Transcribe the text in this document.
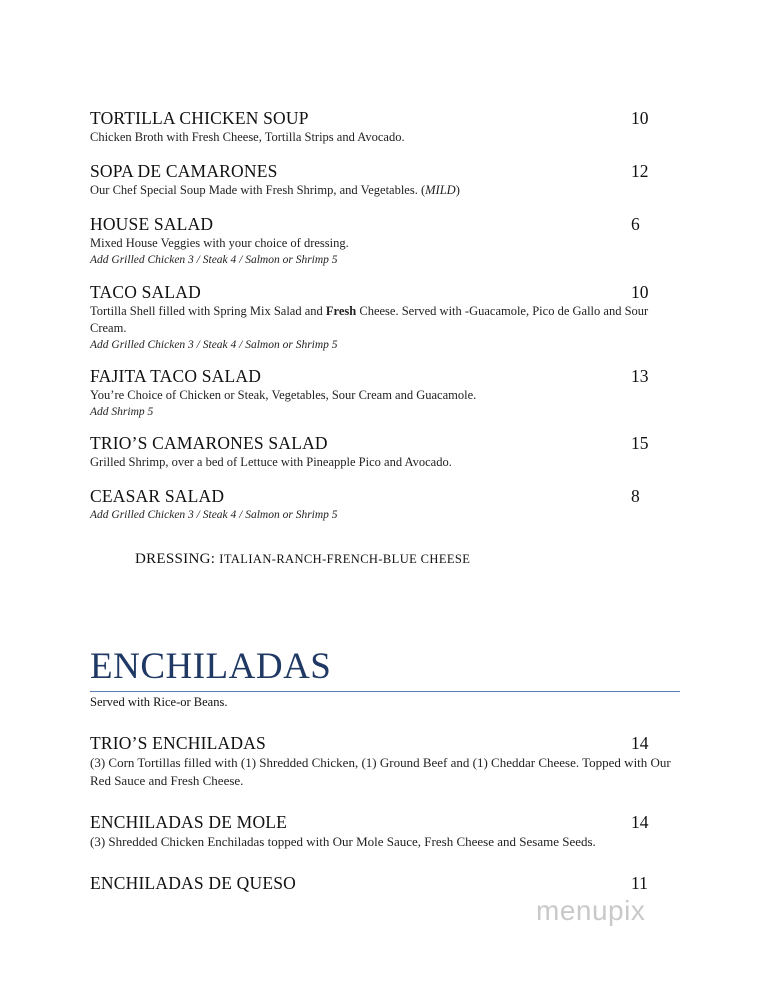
TORTILLA CHICKEN SOUP	10
Chicken Broth with Fresh Cheese, Tortilla Strips and Avocado.
SOPA DE CAMARONES	12
Our Chef Special Soup Made with Fresh Shrimp, and Vegetables. (MILD)
HOUSE SALAD	6
Mixed House Veggies with your choice of dressing.
Add Grilled Chicken 3 / Steak 4 / Salmon or Shrimp 5
TACO SALAD	10
Tortilla Shell filled with Spring Mix Salad and Fresh Cheese. Served with -Guacamole, Pico de Gallo and Sour Cream.
Add Grilled Chicken 3 / Steak 4 / Salmon or Shrimp 5
FAJITA TACO SALAD	13
You’re Choice of Chicken or Steak, Vegetables, Sour Cream and Guacamole.
Add Shrimp 5
TRIO’S CAMARONES SALAD	15
Grilled Shrimp, over a bed of Lettuce with Pineapple Pico and Avocado.
CEASAR SALAD	8
Add Grilled Chicken 3 / Steak 4 / Salmon or Shrimp 5
DRESSING: ITALIAN-RANCH-FRENCH-BLUE CHEESE
ENCHILADAS
Served with Rice-or Beans.
TRIO’S ENCHILADAS	14
(3) Corn Tortillas filled with (1) Shredded Chicken, (1) Ground Beef and (1) Cheddar Cheese. Topped with Our Red Sauce and Fresh Cheese.
ENCHILADAS DE MOLE	14
(3) Shredded Chicken Enchiladas topped with Our Mole Sauce, Fresh Cheese and Sesame Seeds.
ENCHILADAS DE QUESO	11
menupix
